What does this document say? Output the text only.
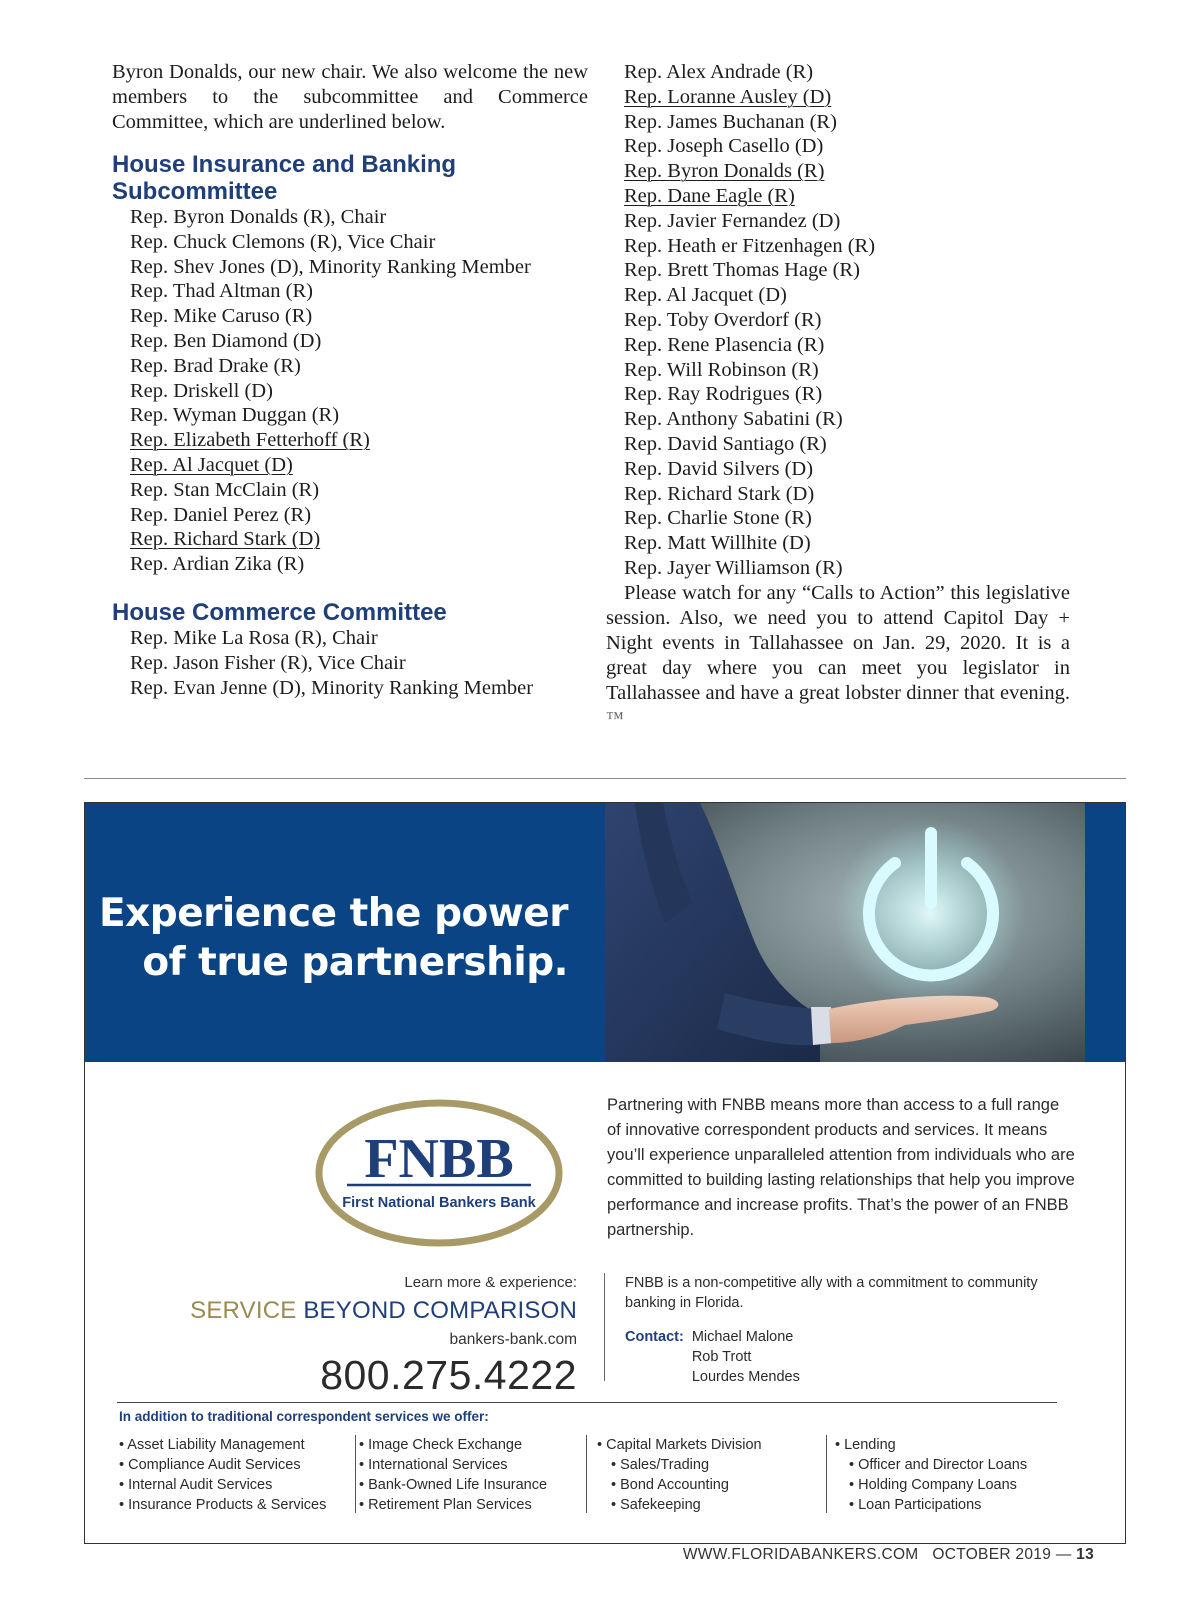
Byron Donalds, our new chair. We also welcome the new members to the subcommittee and Commerce Committee, which are underlined below.

House Insurance and Banking
Subcommittee
Rep. Byron Donalds (R), Chair
Rep. Chuck Clemons (R), Vice Chair
Rep. Shev Jones (D), Minority Ranking Member
Rep. Thad Altman (R)
Rep. Mike Caruso (R)
Rep. Ben Diamond (D)
Rep. Brad Drake (R)
Rep. Driskell (D)
Rep. Wyman Duggan (R)
Rep. Elizabeth Fetterhoff (R)
Rep. Al Jacquet (D)
Rep. Stan McClain (R)
Rep. Daniel Perez (R)
Rep. Richard Stark (D)
Rep. Ardian Zika (R)
House Commerce Committee
Rep. Mike La Rosa (R), Chair
Rep. Jason Fisher (R), Vice Chair
Rep. Evan Jenne (D), Minority Ranking Member
Rep. Alex Andrade (R)
Rep. Loranne Ausley (D)
Rep. James Buchanan (R)
Rep. Joseph Casello (D)
Rep. Byron Donalds (R)
Rep. Dane Eagle (R)
Rep. Javier Fernandez (D)
Rep. Heath er Fitzenhagen (R)
Rep. Brett Thomas Hage (R)
Rep. Al Jacquet (D)
Rep. Toby Overdorf (R)
Rep. Rene Plasencia (R)
Rep. Will Robinson (R)
Rep. Ray Rodrigues (R)
Rep. Anthony Sabatini (R)
Rep. David Santiago (R)
Rep. David Silvers (D)
Rep. Richard Stark (D)
Rep. Charlie Stone (R)
Rep. Matt Willhite (D)
Rep. Jayer Williamson (R)

Please watch for any “Calls to Action” this legislative session. Also, we need you to attend Capitol Day + Night events in Tallahassee on Jan. 29, 2020. It is a great day where you can meet you legislator in Tallahassee and have a great lobster dinner that evening. ™

Experience the power
of true partnership.
FNBB
First National Bankers Bank
Learn more & experience:
SERVICE BEYOND COMPARISON
bankers-bank.com
800.275.4222

Partnering with FNBB means more than access to a full range of innovative correspondent products and services. It means you’ll experience unparalleled attention from individuals who are committed to building lasting relationships that help you improve performance and increase profits. That’s the power of an FNBB partnership.

FNBB is a non-competitive ally with a commitment to community banking in Florida.

Contact: Michael Malone
Rob Trott
Lourdes Mendes

In addition to traditional correspondent services we offer:

• Asset Liability Management
• Compliance Audit Services
• Internal Audit Services
• Insurance Products & Services
• Image Check Exchange
• International Services
• Bank-Owned Life Insurance
• Retirement Plan Services
• Capital Markets Division
• Sales/Trading
• Bond Accounting
• Safekeeping
• Lending
• Officer and Director Loans
• Holding Company Loans
• Loan Participations
WWW.FLORIDABANKERS.COM OCTOBER 2019 — 13
